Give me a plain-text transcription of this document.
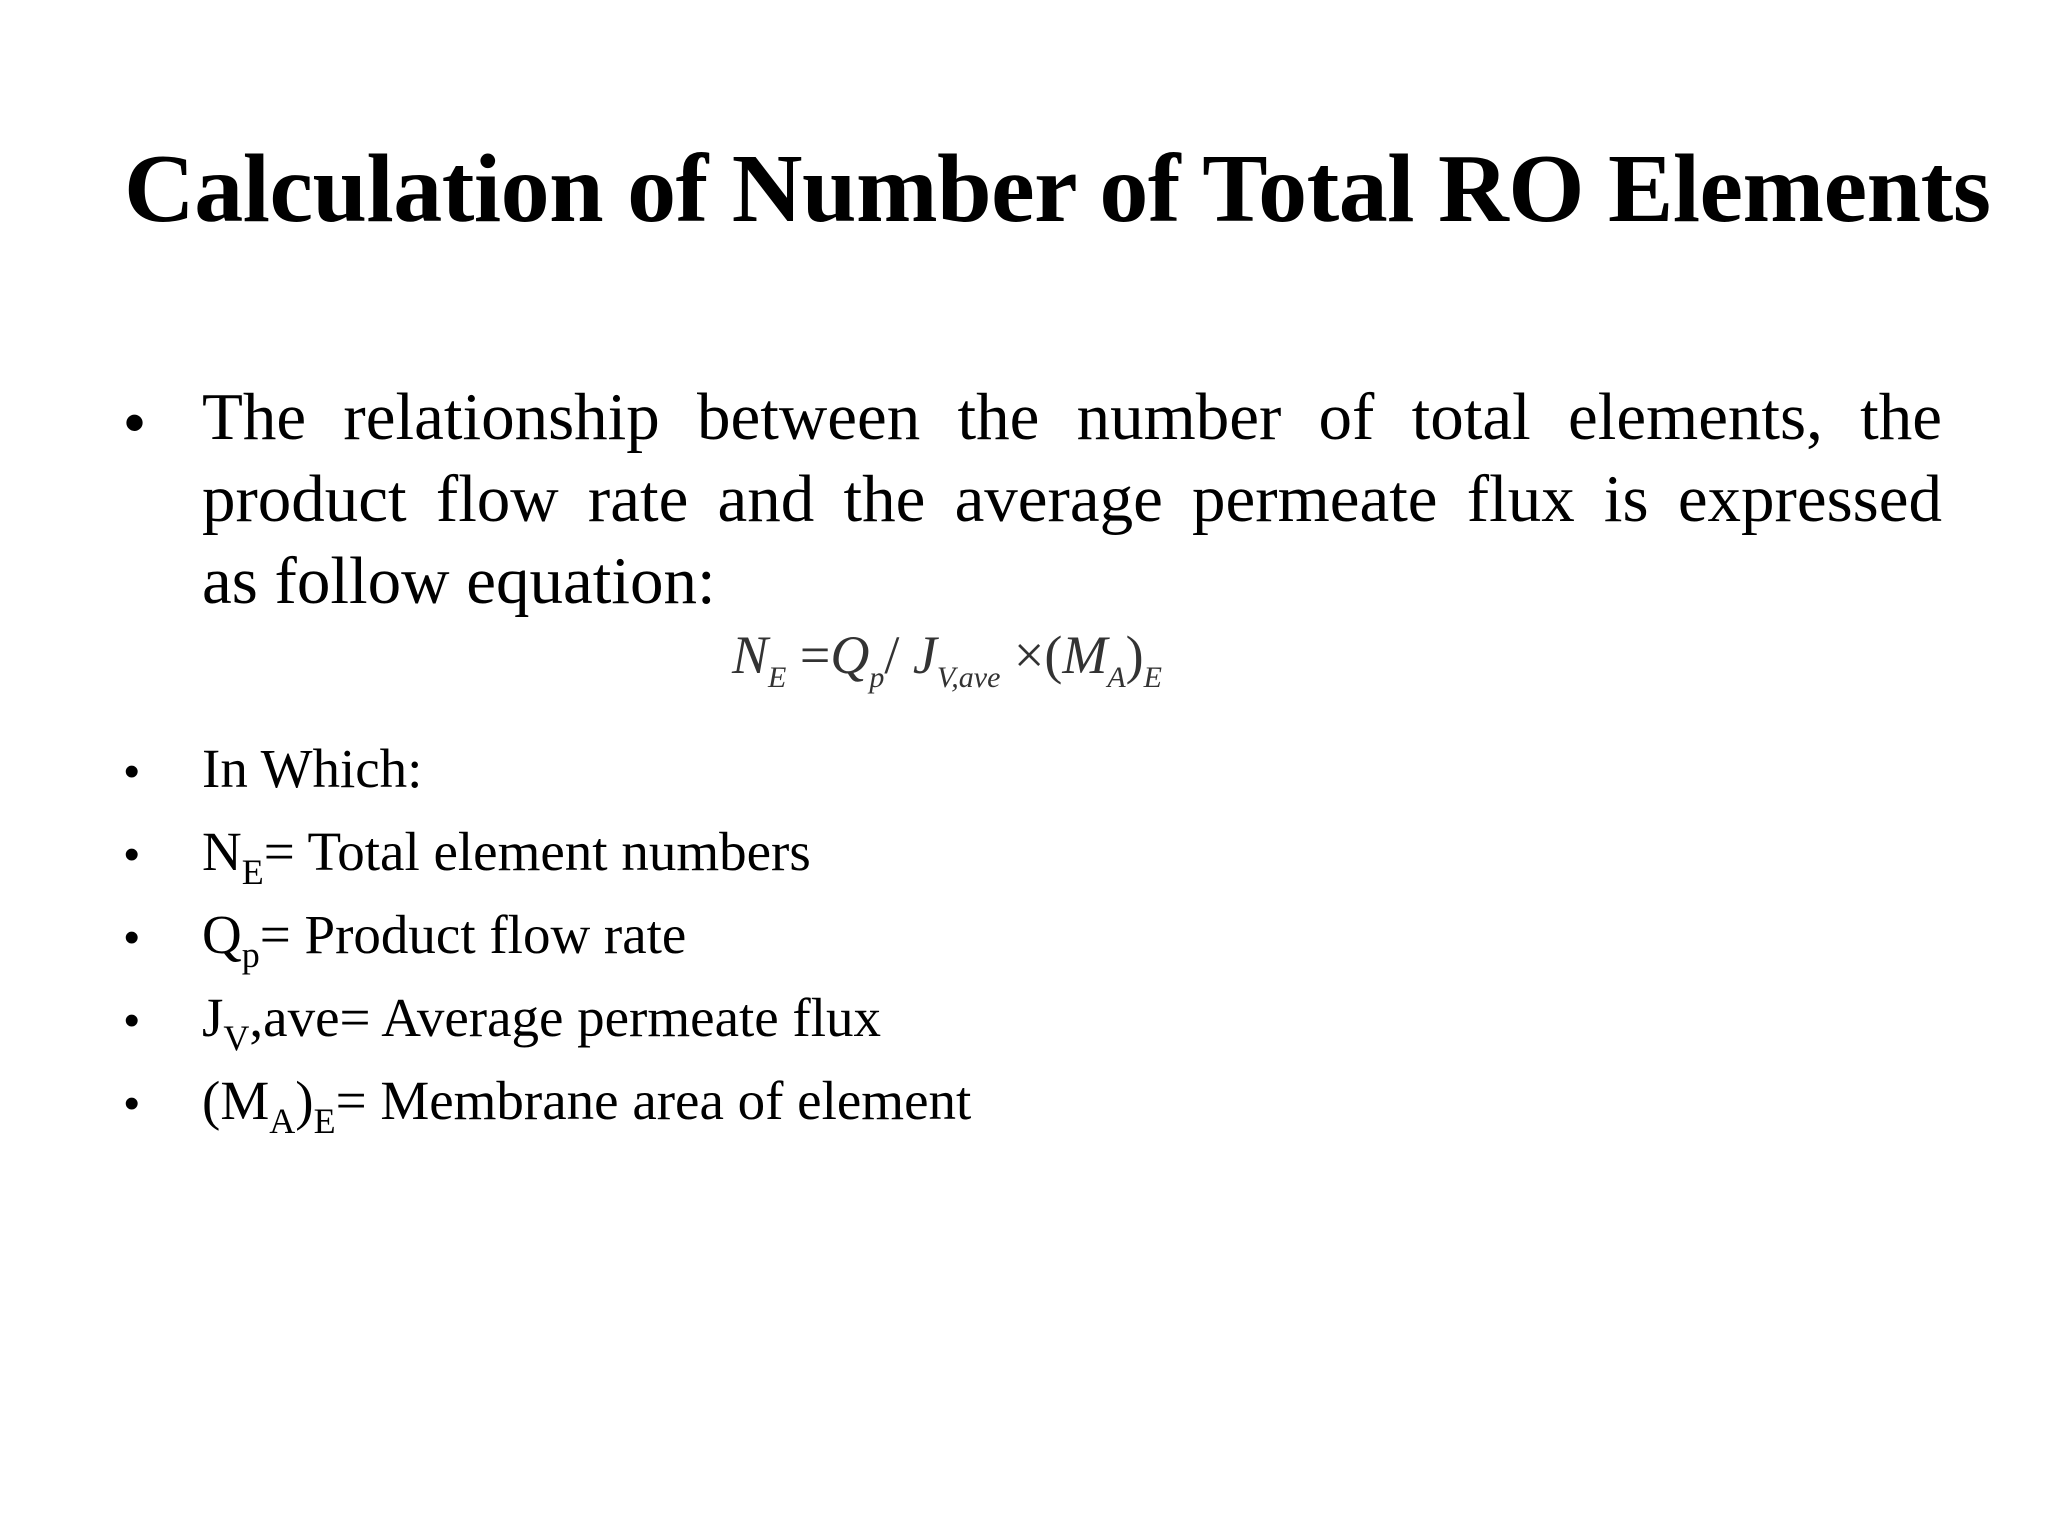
Calculation of Number of Total RO Elements
• The relationship between the number of total elements, the
product flow rate and the average permeate flux is expressed
as follow equation:
$N_E =Q_p/$ $J_{V,ave} \times(M_A)_E$
• In Which:
• $N_E=$ Total element numbers
• $Q_p=$ Product flow rate
• $J_V,ave=$ Average permeate flux
• $(M_A)_E=$ Membrane area of element
